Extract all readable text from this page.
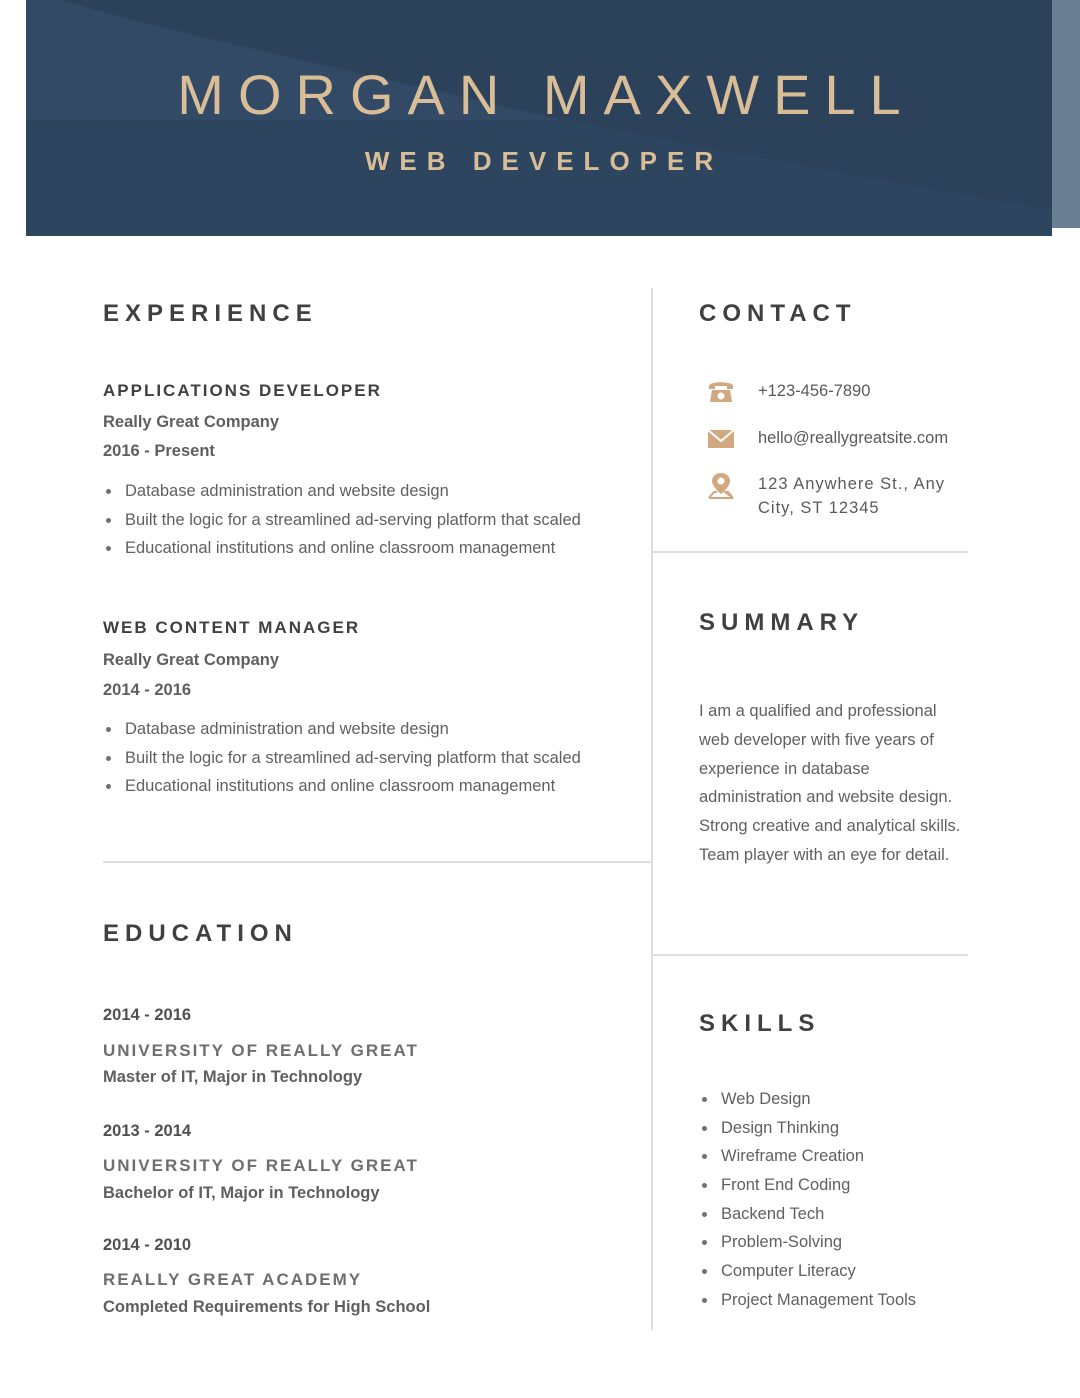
MORGAN MAXWELL
WEB DEVELOPER
EXPERIENCE
APPLICATIONS DEVELOPER
Really Great Company
2016 - Present
Database administration and website design
Built the logic for a streamlined ad-serving platform that scaled
Educational institutions and online classroom management
WEB CONTENT MANAGER
Really Great Company
2014 - 2016
Database administration and website design
Built the logic for a streamlined ad-serving platform that scaled
Educational institutions and online classroom management
EDUCATION
2014 - 2016
UNIVERSITY OF REALLY GREAT
Master of IT, Major in Technology
2013 - 2014
UNIVERSITY OF REALLY GREAT
Bachelor of IT, Major in Technology
2014 - 2010
REALLY GREAT ACADEMY
Completed Requirements for High School
CONTACT
+123-456-7890
hello@reallygreatsite.com
123 Anywhere St., Any
City, ST 12345
SUMMARY

I am a qualified and professional
web developer with five years of
experience in database
administration and website design.
Strong creative and analytical skills.
Team player with an eye for detail.

SKILLS
Web Design
Design Thinking
Wireframe Creation
Front End Coding
Backend Tech
Problem-Solving
Computer Literacy
Project Management Tools
